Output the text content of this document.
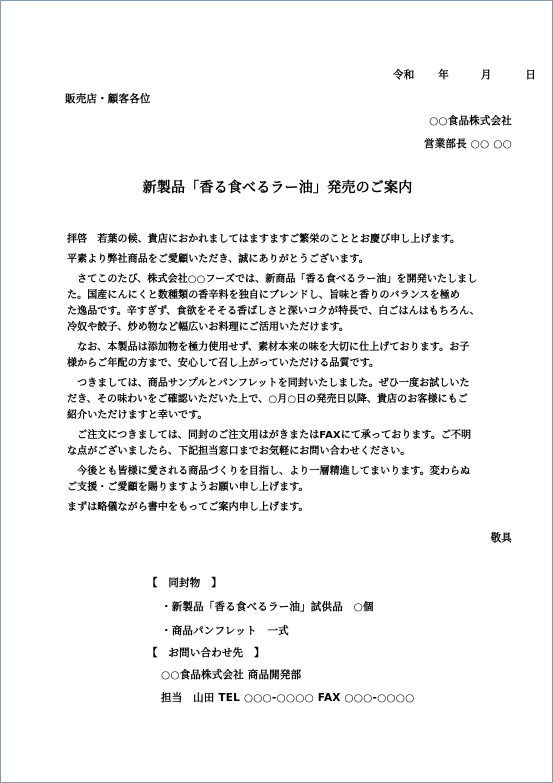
令和 年	月	日
販売店・顧客各位
○○食品株式会社
営業部長 ○○ ○○
新製品「香る食べるラー油」発売のご案内

拝啓　若葉の候、貴店におかれましてはますますご繁栄のこととお慶び申し上げます。

平素より弊社商品をご愛顧いただき、誠にありがとうございます。

　さてこのたび、株式会社○○フーズでは、新商品「香る食べるラー油」を開発いたしまし

た。国産にんにくと数種類の香辛料を独自にブレンドし、旨味と香りのバランスを極め

た逸品です。辛すぎず、食欲をそそる香ばしさと深いコクが特長で、白ごはんはもちろん、

冷奴や餃子、炒め物など幅広いお料理にご活用いただけます。

　なお、本製品は添加物を極力使用せず、素材本来の味を大切に仕上げております。お子

様からご年配の方まで、安心して召し上がっていただける品質です。

　つきましては、商品サンプルとパンフレットを同封いたしました。ぜひ一度お試しいた

だき、その味わいをご確認いただいた上で、○月○日の発売日以降、貴店のお客様にもご

紹介いただけますと幸いです。

　ご注文につきましては、同封のご注文用はがきまたはFAXにて承っております。ご不明

な点がございましたら、下記担当窓口までお気軽にお問い合わせください。

　今後とも皆様に愛される商品づくりを目指し、より一層精進してまいります。変わらぬ

ご支援・ご愛顧を賜りますようお願い申し上げます。

まずは略儀ながら書中をもってご案内申し上げます。

敬具
【　同封物　】
・新製品「香る食べるラー油」試供品　○個
・商品パンフレット　一式
【　お問い合わせ先　】
○○食品株式会社 商品開発部
担当　山田 TEL ○○○-○○○○ FAX ○○○-○○○○
